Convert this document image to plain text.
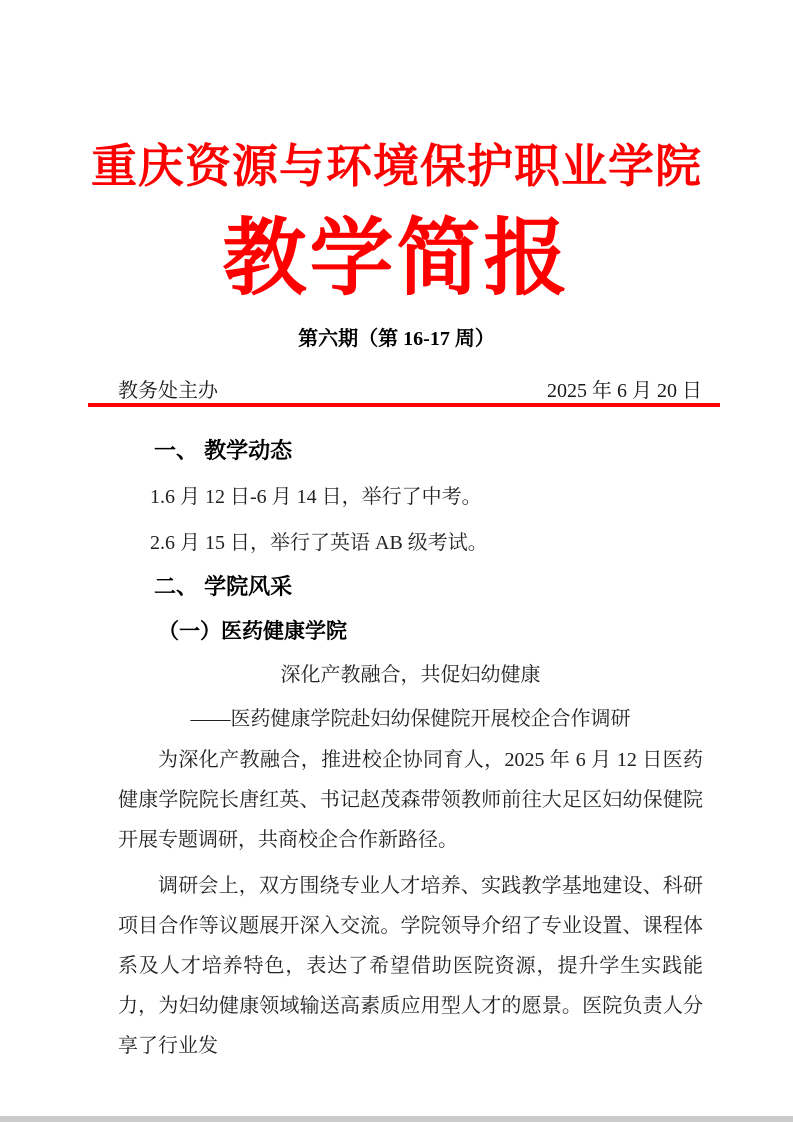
重庆资源与环境保护职业学院
教学简报
第六期（第 16-17 周）
教务处主办	2025 年 6 月 20 日
一、 教学动态

1.6 月 12 日-6 月 14 日，举行了中考。

2.6 月 15 日，举行了英语 AB 级考试。

二、 学院风采
（一）医药健康学院
深化产教融合，共促妇幼健康
——医药健康学院赴妇幼保健院开展校企合作调研

为深化产教融合，推进校企协同育人，2025 年 6 月 12 日医药健康学院院长唐红英、书记赵茂森带领教师前往大足区妇幼保健院开展专题调研，共商校企合作新路径。

调研会上，双方围绕专业人才培养、实践教学基地建设、科研项目合作等议题展开深入交流。学院领导介绍了专业设置、课程体系及人才培养特色，表达了希望借助医院资源，提升学生实践能力，为妇幼健康领域输送高素质应用型人才的愿景。医院负责人分享了行业发
